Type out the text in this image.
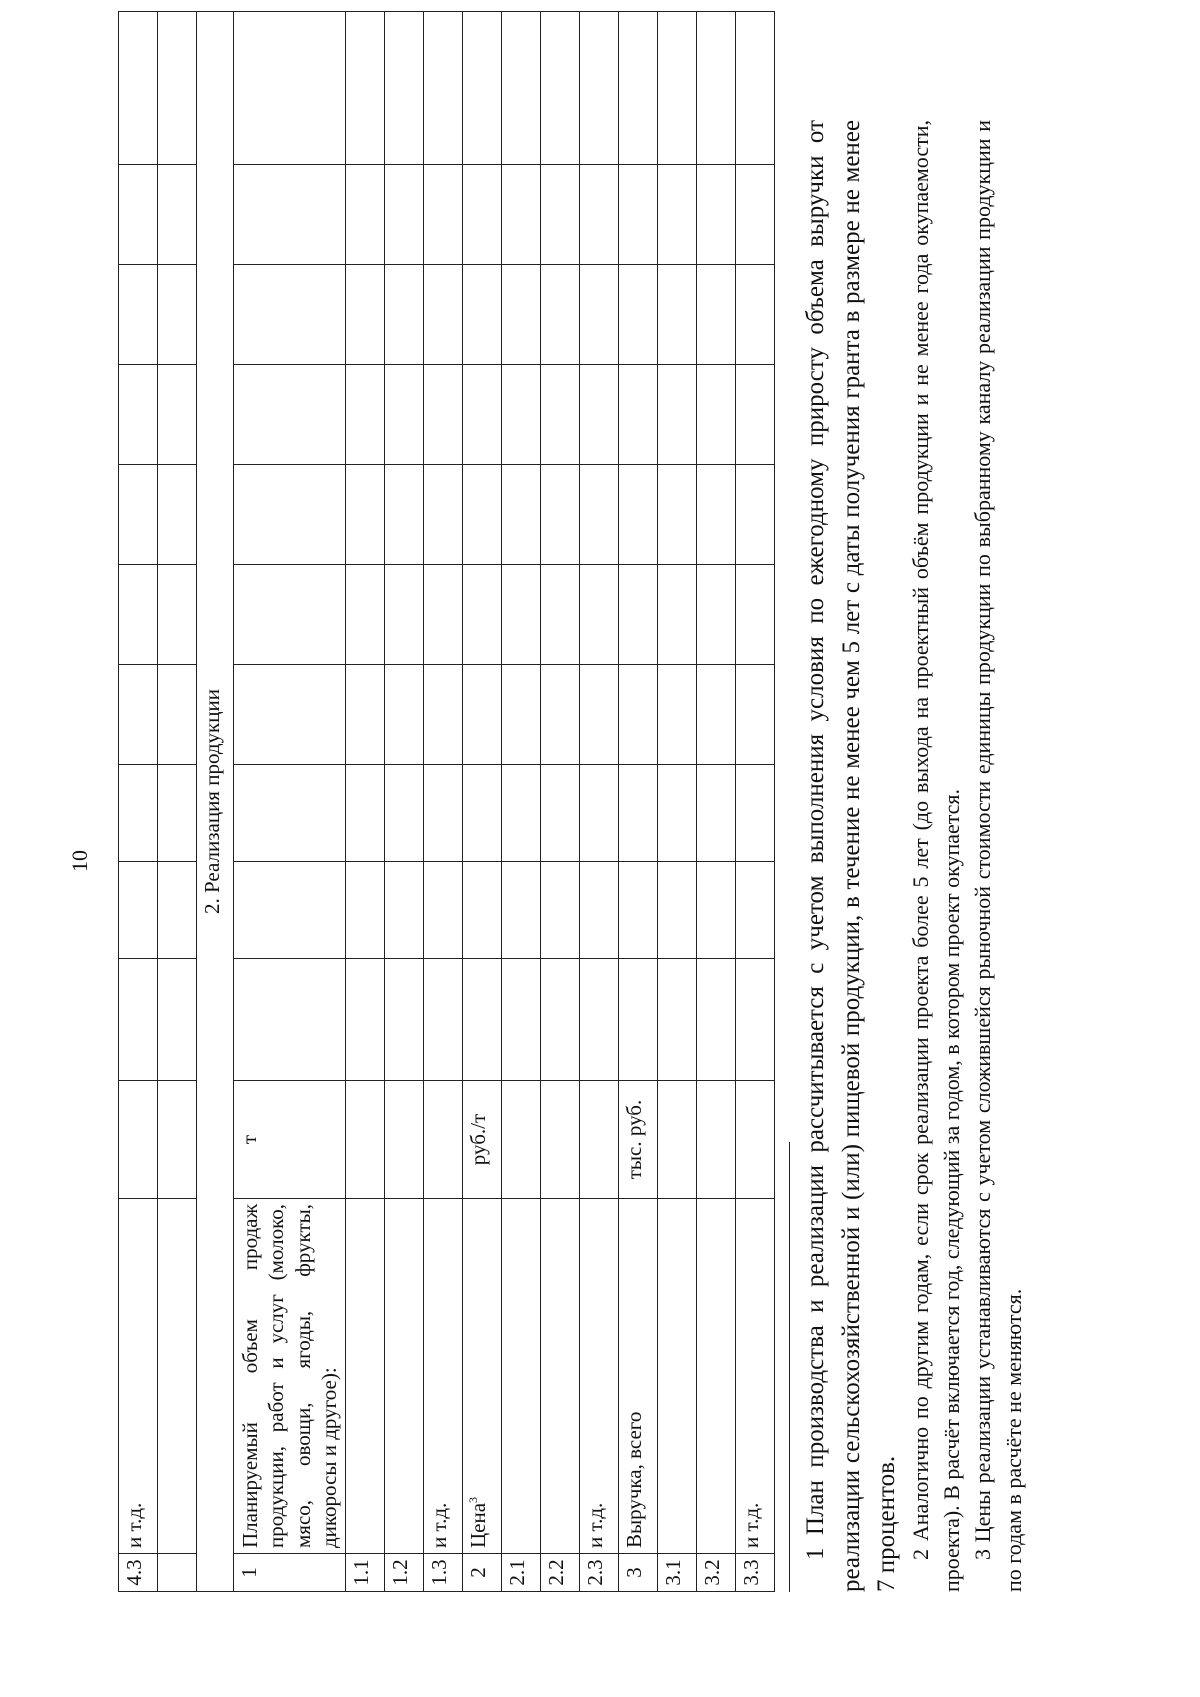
10
4.3	и т.д.											

2. Реализация продукции												
1	Планируемый объем продаж продукции, работ и услуг (молоко, мясо, овощи, ягоды, фрукты, дикоросы и другое):	т										
1.1												
1.2												
1.3	и т.д.											
2	Цена$^3$	руб./т										
2.1												
2.2												
2.3	и т.д.											
3	Выручка, всего	тыс. руб.										
3.1												
3.2												
3.3	и т.д.											1 План производства и реализации рассчитывается с учетом выполнения условия по ежегодному приросту объема выручки от реализации сельскохозяйственной и (или) пищевой продукции, в течение не менее чем 5 лет с даты получения гранта в размере не менее 7 процентов. 2 Аналогично по другим годам, если срок реализации проекта более 5 лет (до выхода на проектный объём продукции и не менее года окупаемости, проекта). В расчёт включается год, следующий за годом, в котором проект окупается. 3 Цены реализации устанавливаются с учетом сложившейся рыночной стоимости единицы продукции по выбранному каналу реализации продукции и по годам в расчёте не меняются.
